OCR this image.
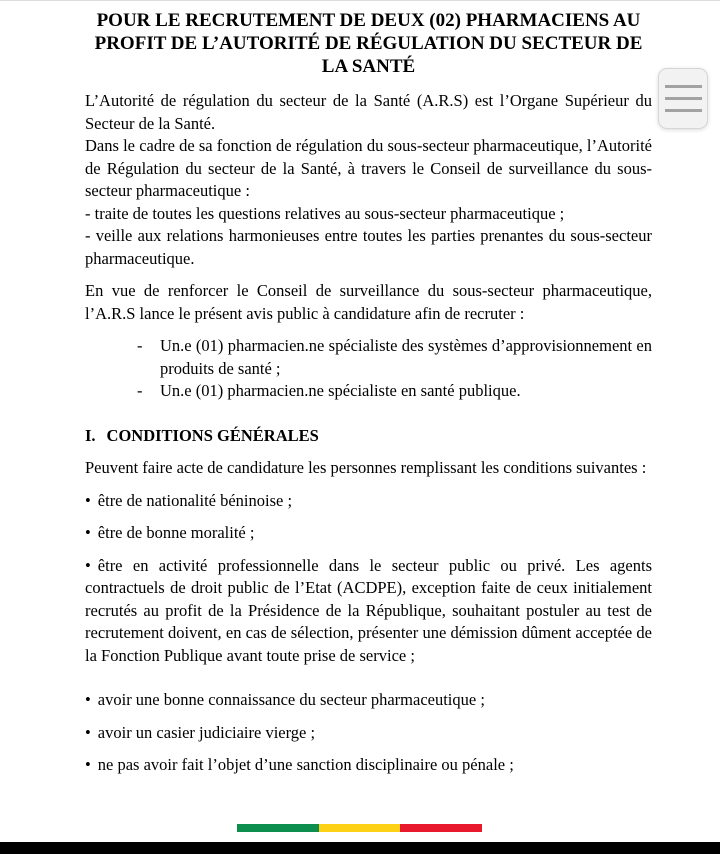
POUR LE RECRUTEMENT DE DEUX (02) PHARMACIENS AU
PROFIT DE L’AUTORITÉ DE RÉGULATION DU SECTEUR DE
LA SANTÉ

L’Autorité de régulation du secteur de la Santé (A.R.S) est l’Organe Supérieur du Secteur de la Santé.

Dans le cadre de sa fonction de régulation du sous-secteur pharmaceutique, l’Autorité de Régulation du secteur de la Santé, à travers le Conseil de surveillance du sous-secteur pharmaceutique :

- traite de toutes les questions relatives au sous-secteur pharmaceutique ;

- veille aux relations harmonieuses entre toutes les parties prenantes du sous-secteur pharmaceutique.

En vue de renforcer le Conseil de surveillance du sous-secteur pharmaceutique, l’A.R.S lance le présent avis public à candidature afin de recruter :

-	Un.e (01) pharmacien.ne spécialiste des systèmes d’approvisionnement en produits de santé ;
-	Un.e (01) pharmacien.ne spécialiste en santé publique.
I. CONDITIONS GÉNÉRALES

Peuvent faire acte de candidature les personnes remplissant les conditions suivantes :

• être de nationalité béninoise ;

• être de bonne moralité ;

• être en activité professionnelle dans le secteur public ou privé. Les agents contractuels de droit public de l’Etat (ACDPE), exception faite de ceux initialement recrutés au profit de la Présidence de la République, souhaitant postuler au test de recrutement doivent, en cas de sélection, présenter une démission dûment acceptée de la Fonction Publique avant toute prise de service ;

• avoir une bonne connaissance du secteur pharmaceutique ;

• avoir un casier judiciaire vierge ;

• ne pas avoir fait l’objet d’une sanction disciplinaire ou pénale ;
